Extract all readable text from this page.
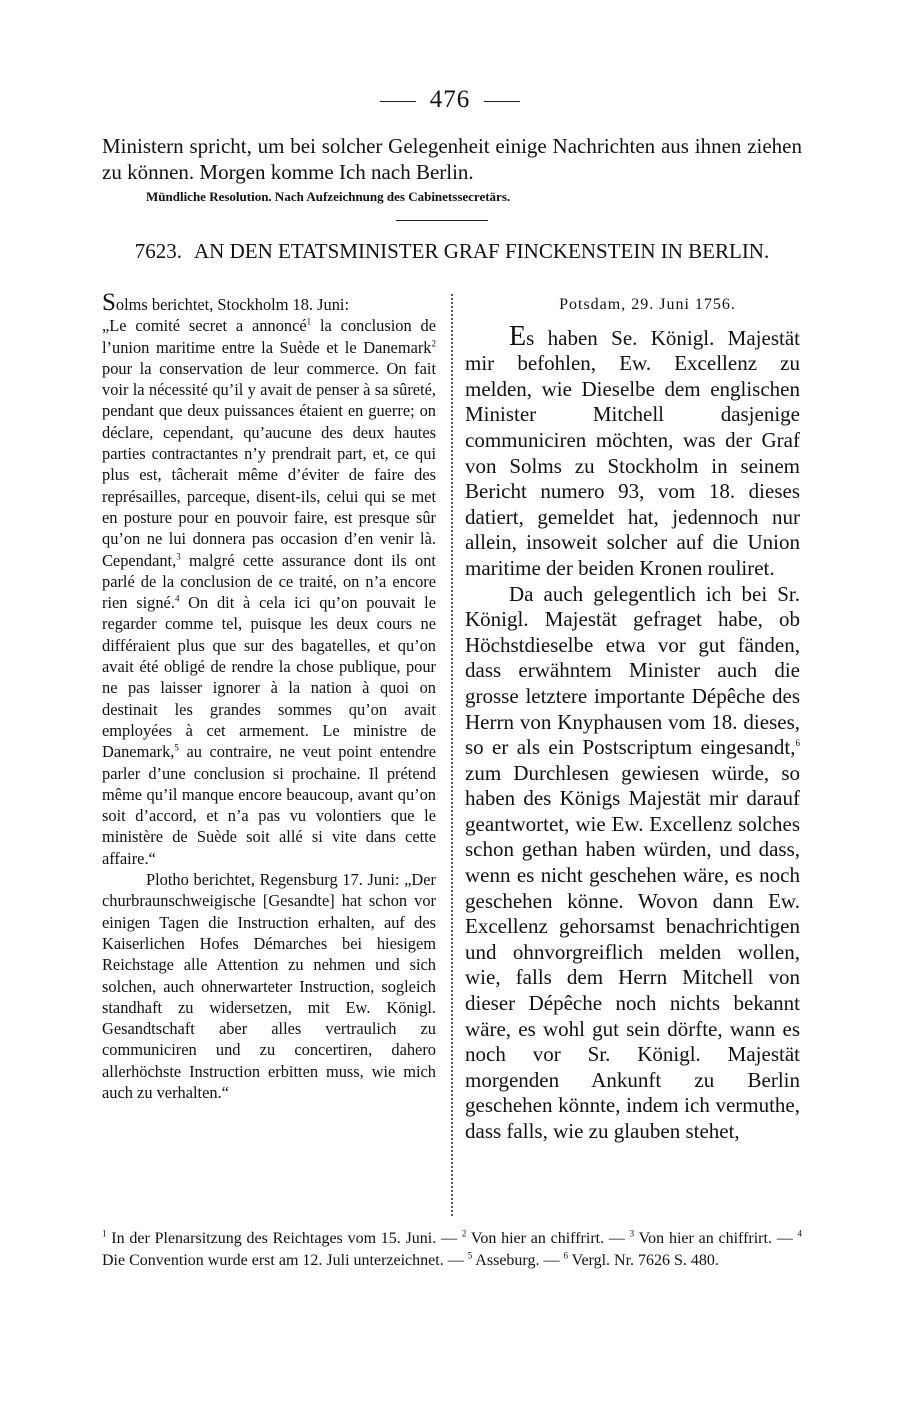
476
Ministern spricht, um bei solcher Gelegenheit einige Nachrichten aus ihnen ziehen zu können. Morgen komme Ich nach Berlin.
Mündliche Resolution. Nach Aufzeichnung des Cabinetssecretärs.
7623. AN DEN ETATSMINISTER GRAF FINCKENSTEIN IN BERLIN.

Solms berichtet, Stockholm 18. Juni:
„Le comité secret a annoncé$^1$ la conclusion de l’union maritime entre la Suède et le Danemark$^2$ pour la conservation de leur commerce. On fait voir la nécessité qu’il y avait de penser à sa sûreté, pendant que deux puissances étaient en guerre; on déclare, cependant, qu’aucune des deux hautes parties contractantes n’y prendrait part, et, ce qui plus est, tâcherait même d’éviter de faire des représailles, parceque, disent-ils, celui qui se met en posture pour en pouvoir faire, est presque sûr qu’on ne lui donnera pas occasion d’en venir là. Cependant,$^3$ malgré cette assurance dont ils ont parlé de la conclusion de ce traité, on n’a encore rien signé.$^4$ On dit à cela ici qu’on pouvait le regarder comme tel, puisque les deux cours ne différaient plus que sur des bagatelles, et qu’on avait été obligé de rendre la chose publique, pour ne pas laisser ignorer à la nation à quoi on destinait les grandes sommes qu’on avait employées à cet armement. Le ministre de Danemark,$^5$ au contraire, ne veut point entendre parler d’une conclusion si prochaine. Il prétend même qu’il manque encore beaucoup, avant qu’on soit d’accord, et n’a pas vu volontiers que le ministère de Suède soit allé si vite dans cette affaire.“

Plotho berichtet, Regensburg 17. Juni: „Der churbraunschweigische [Gesandte] hat schon vor einigen Tagen die Instruction erhalten, auf des Kaiserlichen Hofes Démarches bei hiesigem Reichstage alle Attention zu nehmen und sich solchen, auch ohnerwarteter Instruction, sogleich standhaft zu widersetzen, mit Ew. Königl. Gesandtschaft aber alles vertraulich zu communiciren und zu concertiren, dahero allerhöchste Instruction erbitten muss, wie mich auch zu verhalten.“

Potsdam, 29. Juni 1756.

Es haben Se. Königl. Majestät mir befohlen, Ew. Excellenz zu melden, wie Dieselbe dem englischen Minister Mitchell dasjenige communiciren möchten, was der Graf von Solms zu Stockholm in seinem Bericht numero 93, vom 18. dieses datiert, gemeldet hat, jedennoch nur allein, insoweit solcher auf die Union maritime der beiden Kronen rouliret.

Da auch gelegentlich ich bei Sr. Königl. Majestät gefraget habe, ob Höchstdieselbe etwa vor gut fänden, dass erwähntem Minister auch die grosse letztere importante Dépêche des Herrn von Knyphausen vom 18. dieses, so er als ein Postscriptum eingesandt,$^6$ zum Durchlesen gewiesen würde, so haben des Königs Majestät mir darauf geantwortet, wie Ew. Excellenz solches schon gethan haben würden, und dass, wenn es nicht geschehen wäre, es noch geschehen könne. Wovon dann Ew. Excellenz gehorsamst benachrichtigen und ohnvorgreiflich melden wollen, wie, falls dem Herrn Mitchell von dieser Dépêche noch nichts bekannt wäre, es wohl gut sein dörfte, wann es noch vor Sr. Königl. Majestät morgenden Ankunft zu Berlin geschehen könnte, indem ich vermuthe, dass falls, wie zu glauben stehet,

$^1$ In der Plenarsitzung des Reichtages vom 15. Juni. — $^2$ Von hier an chiffrirt. — $^3$ Von hier an chiffrirt. — $^4$ Die Convention wurde erst am 12. Juli unterzeichnet. — $^5$ Asseburg. — $^6$ Vergl. Nr. 7626 S. 480.
